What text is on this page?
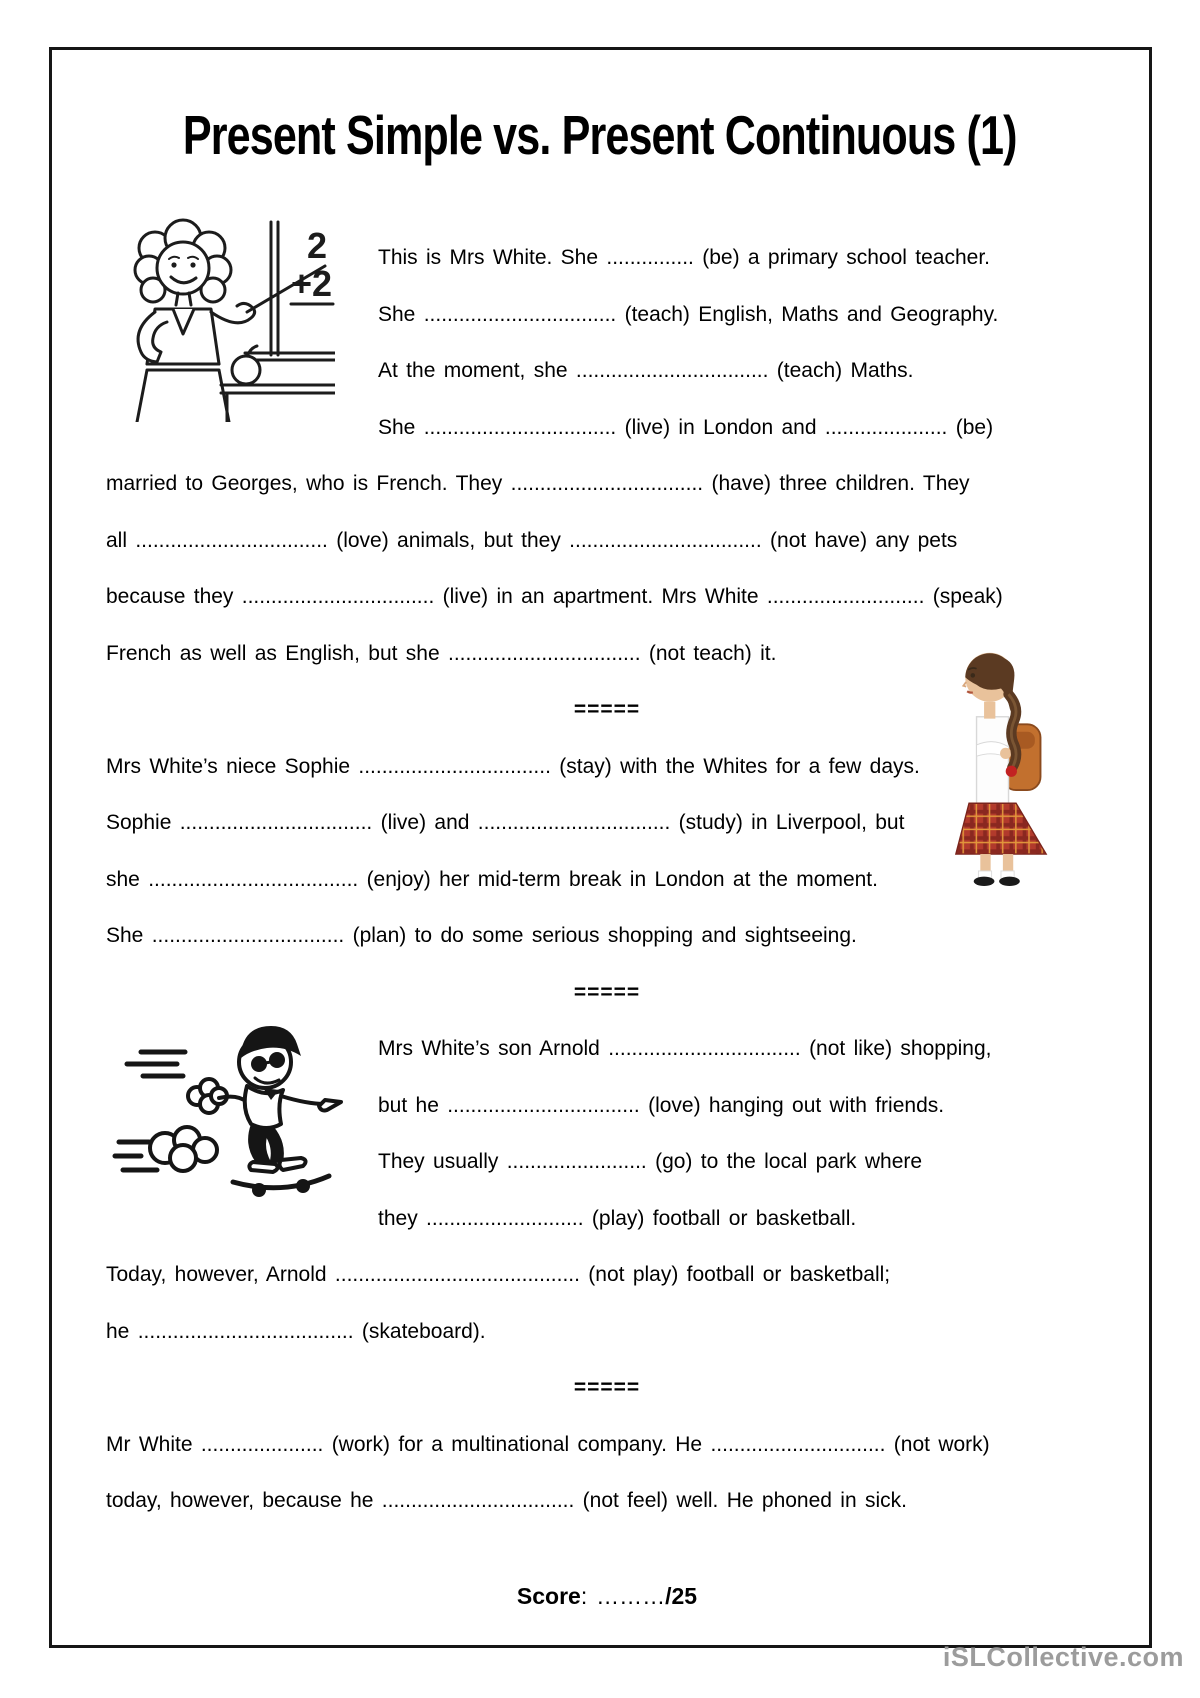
Present Simple vs. Present Continuous (1)
2
+2
This is Mrs White. She ............... (be) a primary school teacher.
She ................................. (teach) English, Maths and Geography.
At the moment, she ................................. (teach) Maths.
She ................................. (live) in London and ..................... (be)
married to Georges, who is French. They ................................. (have) three children. They
all ................................. (love) animals, but they ................................. (not have) any pets
because they ................................. (live) in an apartment. Mrs White ........................... (speak)
French as well as English, but she ................................. (not teach) it.
=====
Mrs White’s niece Sophie ................................. (stay) with the Whites for a few days.
Sophie ................................. (live) and ................................. (study) in Liverpool, but
she .................................... (enjoy) her mid-term break in London at the moment.
She ................................. (plan) to do some serious shopping and sightseeing.
=====
Mrs White’s son Arnold ................................. (not like) shopping,
but he ................................. (love) hanging out with friends.
They usually ........................ (go) to the local park where
they ........................... (play) football or basketball.
Today, however, Arnold .......................................... (not play) football or basketball;
he ..................................... (skateboard).
=====
Mr White ..................... (work) for a multinational company. He .............................. (not work)
today, however, because he ................................. (not feel) well. He phoned in sick.
Score: ………/25
iSLCollective.com
